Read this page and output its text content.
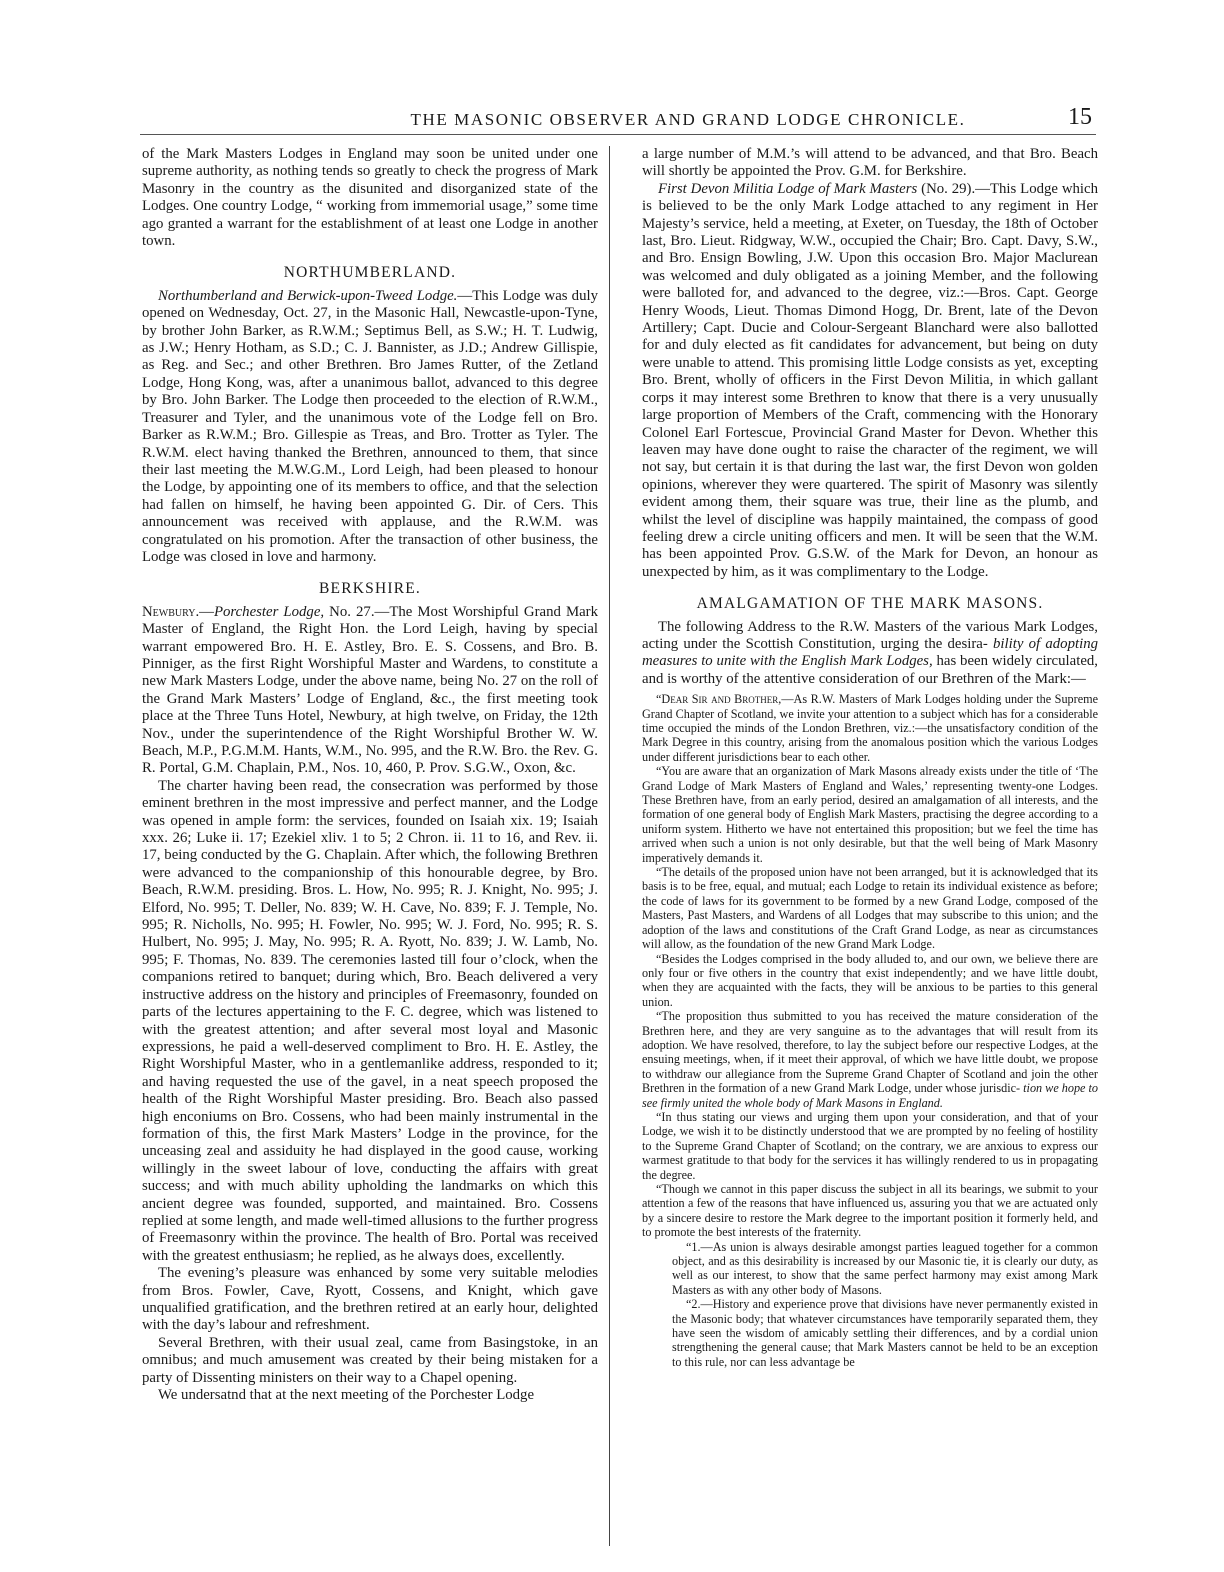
THE MASONIC OBSERVER AND GRAND LODGE CHRONICLE.	15

of the Mark Masters Lodges in England may soon be united under one supreme authority, as nothing tends so greatly to check the progress of Mark Masonry in the country as the disunited and disorganized state of the Lodges. One country Lodge, “ working from immemorial usage,” some time ago granted a warrant for the establishment of at least one Lodge in another town.

NORTHUMBERLAND.

Northumberland and Berwick-upon-Tweed Lodge.—This Lodge was duly opened on Wednesday, Oct. 27, in the Masonic Hall, Newcastle-upon-Tyne, by brother John Barker, as R.W.M.; Septimus Bell, as S.W.; H. T. Ludwig, as J.W.; Henry Hotham, as S.D.; C. J. Bannister, as J.D.; Andrew Gillispie, as Reg. and Sec.; and other Brethren. Bro James Rutter, of the Zetland Lodge, Hong Kong, was, after a unanimous ballot, advanced to this degree by Bro. John Barker. The Lodge then proceeded to the election of R.W.M., Treasurer and Tyler, and the unanimous vote of the Lodge fell on Bro. Barker as R.W.M.; Bro. Gillespie as Treas, and Bro. Trotter as Tyler. The R.W.M. elect having thanked the Brethren, announced to them, that since their last meeting the M.W.G.M., Lord Leigh, had been pleased to honour the Lodge, by appointing one of its members to office, and that the selection had fallen on himself, he having been appointed G. Dir. of Cers. This announcement was received with applause, and the R.W.M. was congratulated on his promotion. After the transaction of other business, the Lodge was closed in love and harmony.

BERKSHIRE.

Newbury.—Porchester Lodge, No. 27.—The Most Worshipful Grand Mark Master of England, the Right Hon. the Lord Leigh, having by special warrant empowered Bro. H. E. Astley, Bro. E. S. Cossens, and Bro. B. Pinniger, as the first Right Worshipful Master and Wardens, to constitute a new Mark Masters Lodge, under the above name, being No. 27 on the roll of the Grand Mark Masters’ Lodge of England, &c., the first meeting took place at the Three Tuns Hotel, Newbury, at high twelve, on Friday, the 12th Nov., under the superintendence of the Right Worshipful Brother W. W. Beach, M.P., P.G.M.M. Hants, W.M., No. 995, and the R.W. Bro. the Rev. G. R. Portal, G.M. Chaplain, P.M., Nos. 10, 460, P. Prov. S.G.W., Oxon, &c.

The charter having been read, the consecration was performed by those eminent brethren in the most impressive and perfect manner, and the Lodge was opened in ample form: the services, founded on Isaiah xix. 19; Isaiah xxx. 26; Luke ii. 17; Ezekiel xliv. 1 to 5; 2 Chron. ii. 11 to 16, and Rev. ii. 17, being conducted by the G. Chaplain. After which, the following Brethren were advanced to the companionship of this honourable degree, by Bro. Beach, R.W.M. presiding. Bros. L. How, No. 995; R. J. Knight, No. 995; J. Elford, No. 995; T. Deller, No. 839; W. H. Cave, No. 839; F. J. Temple, No. 995; R. Nicholls, No. 995; H. Fowler, No. 995; W. J. Ford, No. 995; R. S. Hulbert, No. 995; J. May, No. 995; R. A. Ryott, No. 839; J. W. Lamb, No. 995; F. Thomas, No. 839. The ceremonies lasted till four o’clock, when the companions retired to banquet; during which, Bro. Beach delivered a very instructive address on the history and principles of Freemasonry, founded on parts of the lectures appertaining to the F. C. degree, which was listened to with the greatest attention; and after several most loyal and Masonic expressions, he paid a well-deserved compliment to Bro. H. E. Astley, the Right Worshipful Master, who in a gentlemanlike address, responded to it; and having requested the use of the gavel, in a neat speech proposed the health of the Right Worshipful Master presiding. Bro. Beach also passed high enconiums on Bro. Cossens, who had been mainly instrumental in the formation of this, the first Mark Masters’ Lodge in the province, for the unceasing zeal and assiduity he had displayed in the good cause, working willingly in the sweet labour of love, conducting the affairs with great success; and with much ability upholding the landmarks on which this ancient degree was founded, supported, and maintained. Bro. Cossens replied at some length, and made well-timed allusions to the further progress of Freemasonry within the province. The health of Bro. Portal was received with the greatest enthusiasm; he replied, as he always does, excellently.

The evening’s pleasure was enhanced by some very suitable melodies from Bros. Fowler, Cave, Ryott, Cossens, and Knight, which gave unqualified gratification, and the brethren retired at an early hour, delighted with the day’s labour and refreshment.

Several Brethren, with their usual zeal, came from Basingstoke, in an omnibus; and much amusement was created by their being mistaken for a party of Dissenting ministers on their way to a Chapel opening.

We undersatnd that at the next meeting of the Porchester Lodge

a large number of M.M.’s will attend to be advanced, and that Bro. Beach will shortly be appointed the Prov. G.M. for Berkshire.

First Devon Militia Lodge of Mark Masters (No. 29).—This Lodge which is believed to be the only Mark Lodge attached to any regiment in Her Majesty’s service, held a meeting, at Exeter, on Tuesday, the 18th of October last, Bro. Lieut. Ridgway, W.W., occupied the Chair; Bro. Capt. Davy, S.W., and Bro. Ensign Bowling, J.W. Upon this occasion Bro. Major Maclurean was welcomed and duly obligated as a joining Member, and the following were balloted for, and advanced to the degree, viz.:—Bros. Capt. George Henry Woods, Lieut. Thomas Dimond Hogg, Dr. Brent, late of the Devon Artillery; Capt. Ducie and Colour-Sergeant Blanchard were also ballotted for and duly elected as fit candidates for advancement, but being on duty were unable to attend. This promising little Lodge consists as yet, excepting Bro. Brent, wholly of officers in the First Devon Militia, in which gallant corps it may interest some Brethren to know that there is a very unusually large proportion of Members of the Craft, commencing with the Honorary Colonel Earl Fortescue, Provincial Grand Master for Devon. Whether this leaven may have done ought to raise the character of the regiment, we will not say, but certain it is that during the last war, the first Devon won golden opinions, wherever they were quartered. The spirit of Masonry was silently evident among them, their square was true, their line as the plumb, and whilst the level of discipline was happily maintained, the compass of good feeling drew a circle uniting officers and men. It will be seen that the W.M. has been appointed Prov. G.S.W. of the Mark for Devon, an honour as unexpected by him, as it was complimentary to the Lodge.

AMALGAMATION OF THE MARK MASONS.

The following Address to the R.W. Masters of the various Mark Lodges, acting under the Scottish Constitution, urging the desira- bility of adopting measures to unite with the English Mark Lodges, has been widely circulated, and is worthy of the attentive consideration of our Brethren of the Mark:—

“Dear Sir and Brother,—As R.W. Masters of Mark Lodges holding under the Supreme Grand Chapter of Scotland, we invite your attention to a subject which has for a considerable time occupied the minds of the London Brethren, viz.:—the unsatisfactory condition of the Mark Degree in this country, arising from the anomalous position which the various Lodges under different jurisdictions bear to each other.

“You are aware that an organization of Mark Masons already exists under the title of ‘The Grand Lodge of Mark Masters of England and Wales,’ representing twenty-one Lodges. These Brethren have, from an early period, desired an amalgamation of all interests, and the formation of one general body of English Mark Masters, practising the degree according to a uniform system. Hitherto we have not entertained this proposition; but we feel the time has arrived when such a union is not only desirable, but that the well being of Mark Masonry imperatively demands it.

“The details of the proposed union have not been arranged, but it is acknowledged that its basis is to be free, equal, and mutual; each Lodge to retain its individual existence as before; the code of laws for its government to be formed by a new Grand Lodge, composed of the Masters, Past Masters, and Wardens of all Lodges that may subscribe to this union; and the adoption of the laws and constitutions of the Craft Grand Lodge, as near as circumstances will allow, as the foundation of the new Grand Mark Lodge.

“Besides the Lodges comprised in the body alluded to, and our own, we believe there are only four or five others in the country that exist independently; and we have little doubt, when they are acquainted with the facts, they will be anxious to be parties to this general union.

“The proposition thus submitted to you has received the mature consideration of the Brethren here, and they are very sanguine as to the advantages that will result from its adoption. We have resolved, therefore, to lay the subject before our respective Lodges, at the ensuing meetings, when, if it meet their approval, of which we have little doubt, we propose to withdraw our allegiance from the Supreme Grand Chapter of Scotland and join the other Brethren in the formation of a new Grand Mark Lodge, under whose jurisdic- tion we hope to see firmly united the whole body of Mark Masons in England.

“In thus stating our views and urging them upon your consideration, and that of your Lodge, we wish it to be distinctly understood that we are prompted by no feeling of hostility to the Supreme Grand Chapter of Scotland; on the contrary, we are anxious to express our warmest gratitude to that body for the services it has willingly rendered to us in propagating the degree.

“Though we cannot in this paper discuss the subject in all its bearings, we submit to your attention a few of the reasons that have influenced us, assuring you that we are actuated only by a sincere desire to restore the Mark degree to the important position it formerly held, and to promote the best interests of the fraternity.

“1.—As union is always desirable amongst parties leagued together for a common object, and as this desirability is increased by our Masonic tie, it is clearly our duty, as well as our interest, to show that the same perfect harmony may exist among Mark Masters as with any other body of Masons.

“2.—History and experience prove that divisions have never permanently existed in the Masonic body; that whatever circumstances have temporarily separated them, they have seen the wisdom of amicably settling their differences, and by a cordial union strengthening the general cause; that Mark Masters cannot be held to be an exception to this rule, nor can less advantage be
